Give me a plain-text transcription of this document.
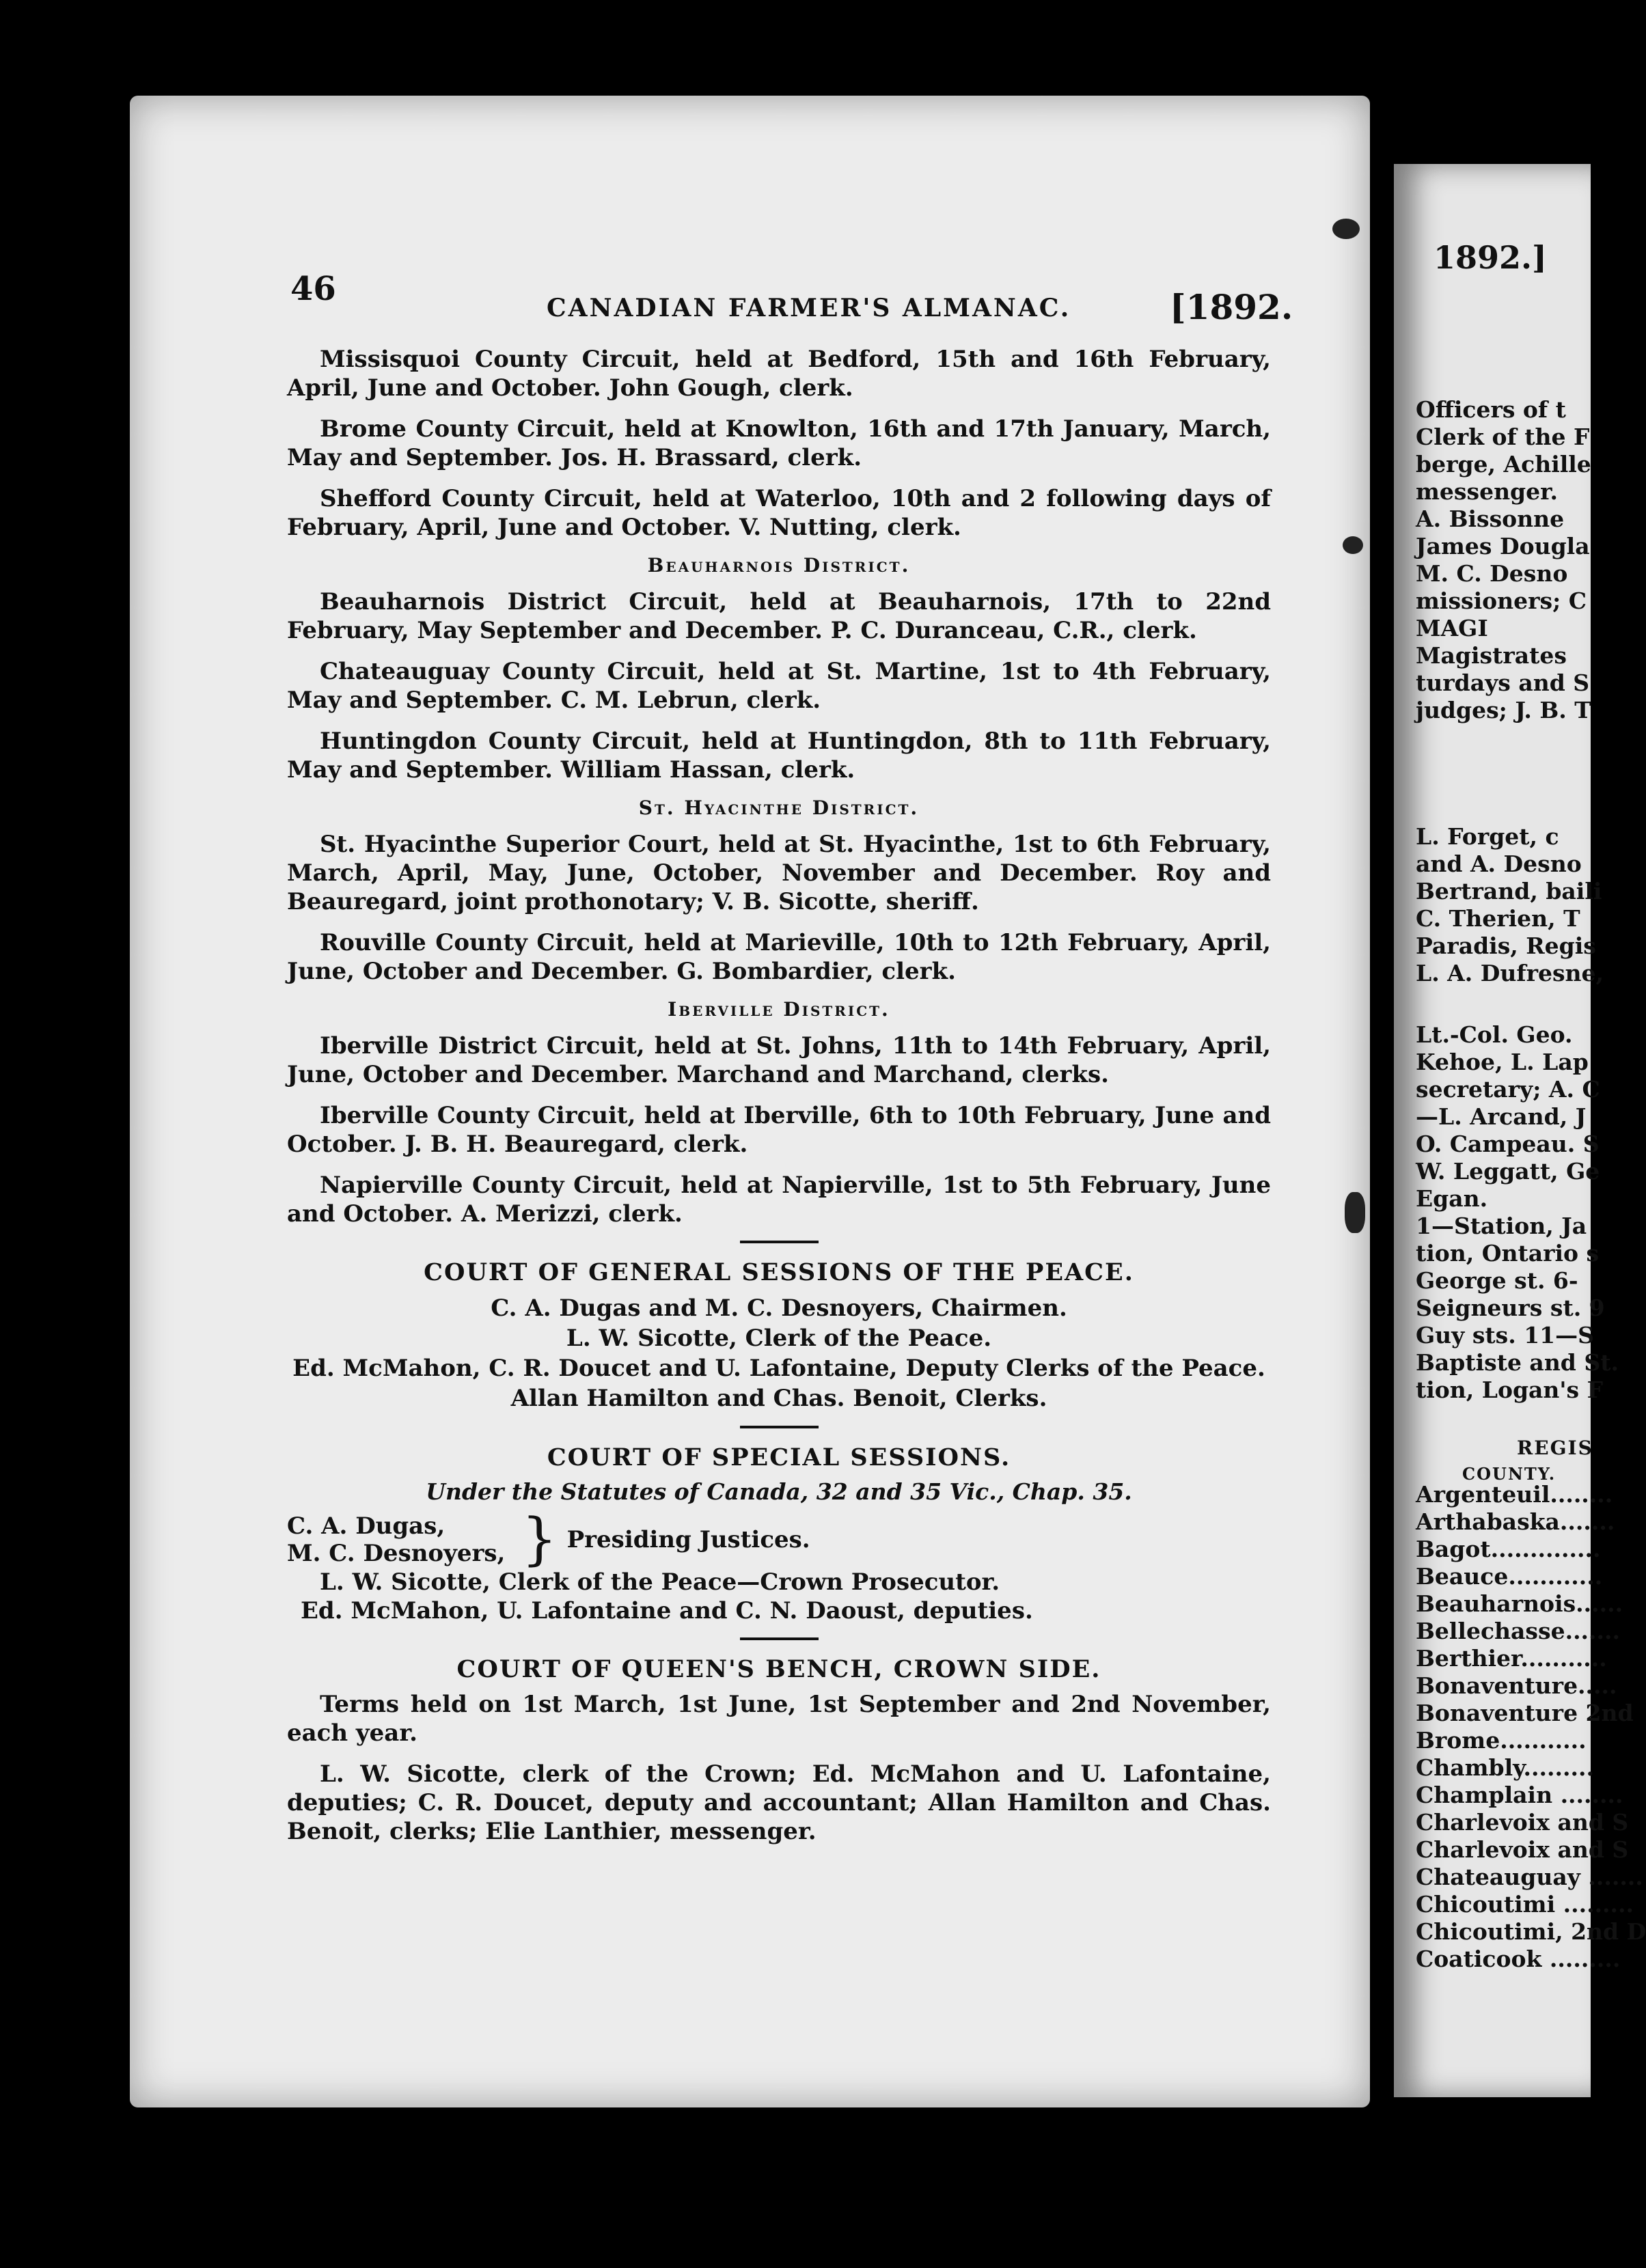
46	CANADIAN FARMER'S ALMANAC.	[1892.

Missisquoi County Circuit, held at Bedford, 15th and 16th February, April, June and October. John Gough, clerk.

Brome County Circuit, held at Knowlton, 16th and 17th January, March, May and September. Jos. H. Brassard, clerk.

Shefford County Circuit, held at Waterloo, 10th and 2 following days of February, April, June and October. V. Nutting, clerk.

Beauharnois District.

Beauharnois District Circuit, held at Beauharnois, 17th to 22nd February, May September and December. P. C. Duranceau, C.R., clerk.

Chateauguay County Circuit, held at St. Martine, 1st to 4th February, May and September. C. M. Lebrun, clerk.

Huntingdon County Circuit, held at Huntingdon, 8th to 11th February, May and September. William Hassan, clerk.

St. Hyacinthe District.

St. Hyacinthe Superior Court, held at St. Hyacinthe, 1st to 6th February, March, April, May, June, October, November and December. Roy and Beauregard, joint prothonotary; V. B. Sicotte, sheriff.

Rouville County Circuit, held at Marieville, 10th to 12th February, April, June, October and December. G. Bombardier, clerk.

Iberville District.

Iberville District Circuit, held at St. Johns, 11th to 14th February, April, June, October and December. Marchand and Marchand, clerks.

Iberville County Circuit, held at Iberville, 6th to 10th February, June and October. J. B. H. Beauregard, clerk.

Napierville County Circuit, held at Napierville, 1st to 5th February, June and October. A. Merizzi, clerk.

COURT OF GENERAL SESSIONS OF THE PEACE.
C. A. Dugas and M. C. Desnoyers, Chairmen.
L. W. Sicotte, Clerk of the Peace.
Ed. McMahon, C. R. Doucet and U. Lafontaine, Deputy Clerks of the Peace.
Allan Hamilton and Chas. Benoit, Clerks.
COURT OF SPECIAL SESSIONS.
Under the Statutes of Canada, 32 and 35 Vic., Chap. 35.
C. A. Dugas,
M. C. Desnoyers, } Presiding Justices.
L. W. Sicotte, Clerk of the Peace—Crown Prosecutor.
Ed. McMahon, U. Lafontaine and C. N. Daoust, deputies.
COURT OF QUEEN'S BENCH, CROWN SIDE.

Terms held on 1st March, 1st June, 1st September and 2nd November, each year.

L. W. Sicotte, clerk of the Crown; Ed. McMahon and U. Lafontaine, deputies; C. R. Doucet, deputy and accountant; Allan Hamilton and Chas. Benoit, clerks; Elie Lanthier, messenger.

1892.]
Officers of t
Clerk of the F
berge, Achille
messenger.
A. Bissonne
James Dougla
M. C. Desno
missioners; C
MAGI
Magistrates
turdays and S
judges; J. B. T
L. Forget, c
and A. Desno
Bertrand, baili
C. Therien, T
Paradis, Regis
L. A. Dufresne,
Lt.-Col. Geo.
Kehoe, L. Lap
secretary; A. C
—L. Arcand, J
O. Campeau. S
W. Leggatt, Ge
Egan.
1—Station, Ja
tion, Ontario s
George st. 6-
Seigneurs st. 9
Guy sts. 11—S
Baptiste and St.
tion, Logan's F
REGIS
COUNTY.
Argenteuil........
Arthabaska.......
Bagot..............
Beauce............
Beauharnois......
Bellechasse.......
Berthier...........
Bonaventure.....
Bonaventure 2nd
Brome...........
Chambly.........
Champlain ........
Charlevoix and S
Charlevoix and S
Chateauguay .......
Chicoutimi .........
Chicoutimi, 2nd D
Coaticook .........
